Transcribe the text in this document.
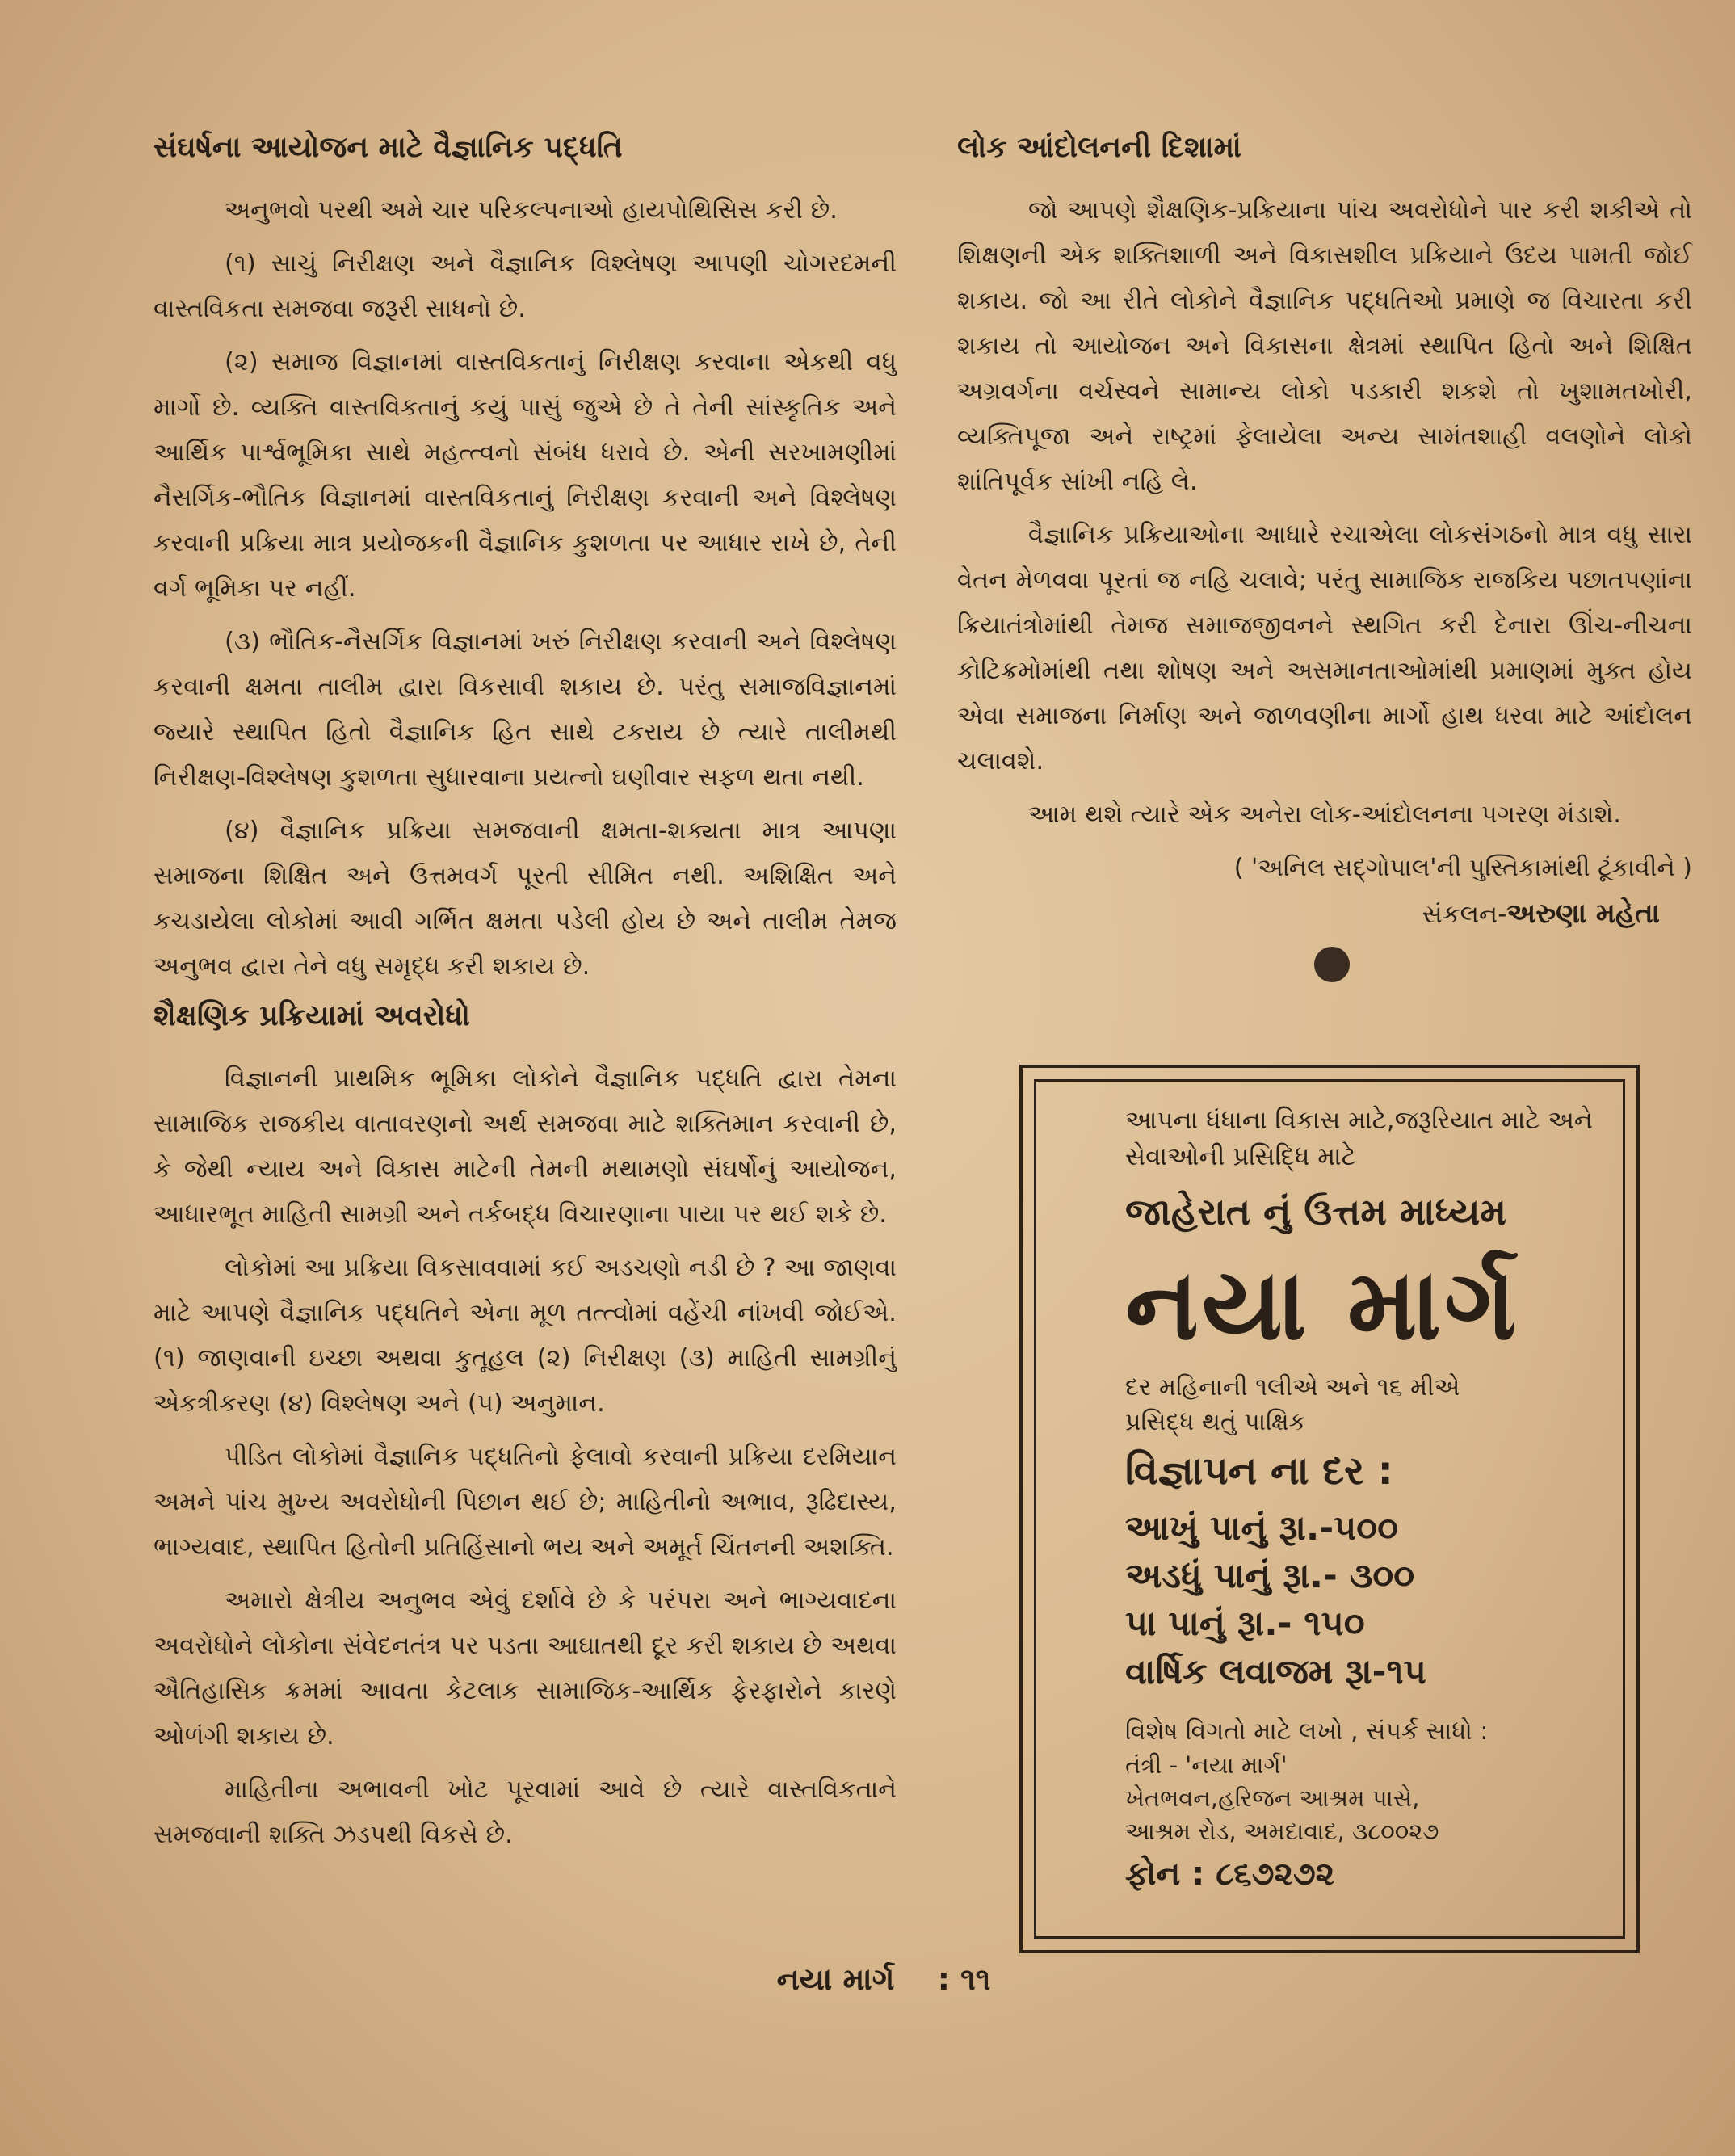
સંઘર્ષના આયોજન માટે વૈજ્ઞાનિક પદ્ધતિ

અનુભવો પરથી અમે ચાર પરિકલ્પનાઓ હાયપોથિસિસ કરી છે.

(૧) સાચું નિરીક્ષણ અને વૈજ્ઞાનિક વિશ્લેષણ આપણી ચોગરદમની વાસ્તવિકતા સમજવા જરૂરી સાધનો છે.

(૨) સમાજ વિજ્ઞાનમાં વાસ્તવિકતાનું નિરીક્ષણ કરવાના એકથી વધુ માર્ગો છે. વ્યક્તિ વાસ્તવિકતાનું કયું પાસું જુએ છે તે તેની સાંસ્કૃતિક અને આર્થિક પાર્શ્વભૂમિકા સાથે મહત્ત્વનો સંબંધ ધરાવે છે. એની સરખામણીમાં નૈસર્ગિક-ભૌતિક વિજ્ઞાનમાં વાસ્તવિકતાનું નિરીક્ષણ કરવાની અને વિશ્લેષણ કરવાની પ્રક્રિયા માત્ર પ્રયોજકની વૈજ્ઞાનિક કુશળતા પર આધાર રાખે છે, તેની વર્ગ ભૂમિકા પર નહીં.

(૩) ભૌતિક-નૈસર્ગિક વિજ્ઞાનમાં ખરું નિરીક્ષણ કરવાની અને વિશ્લેષણ કરવાની ક્ષમતા તાલીમ દ્વારા વિકસાવી શકાય છે. પરંતુ સમાજવિજ્ઞાનમાં જ્યારે સ્થાપિત હિતો વૈજ્ઞાનિક હિત સાથે ટકરાય છે ત્યારે તાલીમથી નિરીક્ષણ-વિશ્લેષણ કુશળતા સુધારવાના પ્રયત્નો ઘણીવાર સફળ થતા નથી.

(૪) વૈજ્ઞાનિક પ્રક્રિયા સમજવાની ક્ષમતા-શક્યતા માત્ર આપણા સમાજના શિક્ષિત અને ઉત્તમવર્ગ પૂરતી સીમિત નથી. અશિક્ષિત અને કચડાયેલા લોકોમાં આવી ગર્ભિત ક્ષમતા પડેલી હોય છે અને તાલીમ તેમજ અનુભવ દ્વારા તેને વધુ સમૃદ્ધ કરી શકાય છે.

શૈક્ષણિક પ્રક્રિયામાં અવરોધો

વિજ્ઞાનની પ્રાથમિક ભૂમિકા લોકોને વૈજ્ઞાનિક પદ્ધતિ દ્વારા તેમના સામાજિક રાજકીય વાતાવરણનો અર્થ સમજવા માટે શક્તિમાન કરવાની છે, કે જેથી ન્યાય અને વિકાસ માટેની તેમની મથામણો સંઘર્ષોનું આયોજન, આધારભૂત માહિતી સામગ્રી અને તર્કબદ્ધ વિચારણાના પાયા પર થઈ શકે છે.

લોકોમાં આ પ્રક્રિયા વિકસાવવામાં કઈ અડચણો નડી છે ? આ જાણવા માટે આપણે વૈજ્ઞાનિક પદ્ધતિને એના મૂળ તત્ત્વોમાં વહેંચી નાંખવી જોઈએ. (૧) જાણવાની ઇચ્છા અથવા કુતૂહલ (૨) નિરીક્ષણ (૩) માહિતી સામગ્રીનું એકત્રીકરણ (૪) વિશ્લેષણ અને (૫) અનુમાન.

પીડિત લોકોમાં વૈજ્ઞાનિક પદ્ધતિનો ફેલાવો કરવાની પ્રક્રિયા દરમિયાન અમને પાંચ મુખ્ય અવરોધોની પિછાન થઈ છે; માહિતીનો અભાવ, રૂઢિદાસ્ય, ભાગ્યવાદ, સ્થાપિત હિતોની પ્રતિહિંસાનો ભય અને અમૂર્ત ચિંતનની અશક્તિ.

અમારો ક્ષેત્રીય અનુભવ એવું દર્શાવે છે કે પરંપરા અને ભાગ્યવાદના અવરોધોને લોકોના સંવેદનતંત્ર પર પડતા આઘાતથી દૂર કરી શકાય છે અથવા ઐતિહાસિક ક્રમમાં આવતા કેટલાક સામાજિક-આર્થિક ફેરફારોને કારણે ઓળંગી શકાય છે.

માહિતીના અભાવની ખોટ પૂરવામાં આવે છે ત્યારે વાસ્તવિકતાને સમજવાની શક્તિ ઝડપથી વિકસે છે.

લોક આંદોલનની દિશામાં

જો આપણે શૈક્ષણિક-પ્રક્રિયાના પાંચ અવરોધોને પાર કરી શકીએ તો શિક્ષણની એક શક્તિશાળી અને વિકાસશીલ પ્રક્રિયાને ઉદય પામતી જોઈ શકાય. જો આ રીતે લોકોને વૈજ્ઞાનિક પદ્ધતિઓ પ્રમાણે જ વિચારતા કરી શકાય તો આયોજન અને વિકાસના ક્ષેત્રમાં સ્થાપિત હિતો અને શિક્ષિત અગ્રવર્ગના વર્ચસ્વને સામાન્ય લોકો પડકારી શકશે તો ખુશામતખોરી, વ્યક્તિપૂજા અને રાષ્ટ્રમાં ફેલાયેલા અન્ય સામંતશાહી વલણોને લોકો શાંતિપૂર્વક સાંખી નહિ લે.

વૈજ્ઞાનિક પ્રક્રિયાઓના આધારે રચાએલા લોકસંગઠનો માત્ર વધુ સારા વેતન મેળવવા પૂરતાં જ નહિ ચલાવે; પરંતુ સામાજિક રાજકિય પછાતપણાંના ક્રિયાતંત્રોમાંથી તેમજ સમાજજીવનને સ્થગિત કરી દેનારા ઊંચ-નીચના કોટિક્રમોમાંથી તથા શોષણ અને અસમાનતાઓમાંથી પ્રમાણમાં મુક્ત હોય એવા સમાજના નિર્માણ અને જાળવણીના માર્ગો હાથ ધરવા માટે આંદોલન ચલાવશે.

આમ થશે ત્યારે એક અનેરા લોક-આંદોલનના પગરણ મંડાશે.

( 'અનિલ સદ્ગોપાલ'ની પુસ્તિકામાંથી ટૂંકાવીને )
સંકલન-અરુણા મહેતા

આપના ધંધાના વિકાસ માટે,જરૂરિયાત માટે અને

સેવાઓની પ્રસિદ્ધિ માટે

જાહેરાત નું ઉત્તમ માધ્યમ

નયા માર્ગ

દર મહિનાની ૧લીએ અને ૧૬ મીએ

પ્રસિદ્ધ થતું પાક્ષિક

વિજ્ઞાપન ના દર :

આખું પાનું રૂા.-૫૦૦

અડધું પાનું રૂા.- ૩૦૦

પા પાનું રૂા.- ૧૫૦

વાર્ષિક લવાજમ રૂા-૧૫

વિશેષ વિગતો માટે લખો , સંપર્ક સાધો :

તંત્રી - 'નયા માર્ગ'

ખેતભવન,હરિજન આશ્રમ પાસે,

આશ્રમ રોડ, અમદાવાદ, ૩૮૦૦૨૭

ફોન : ૮૬૭૨૭૨

નયા માર્ગ : ૧૧
